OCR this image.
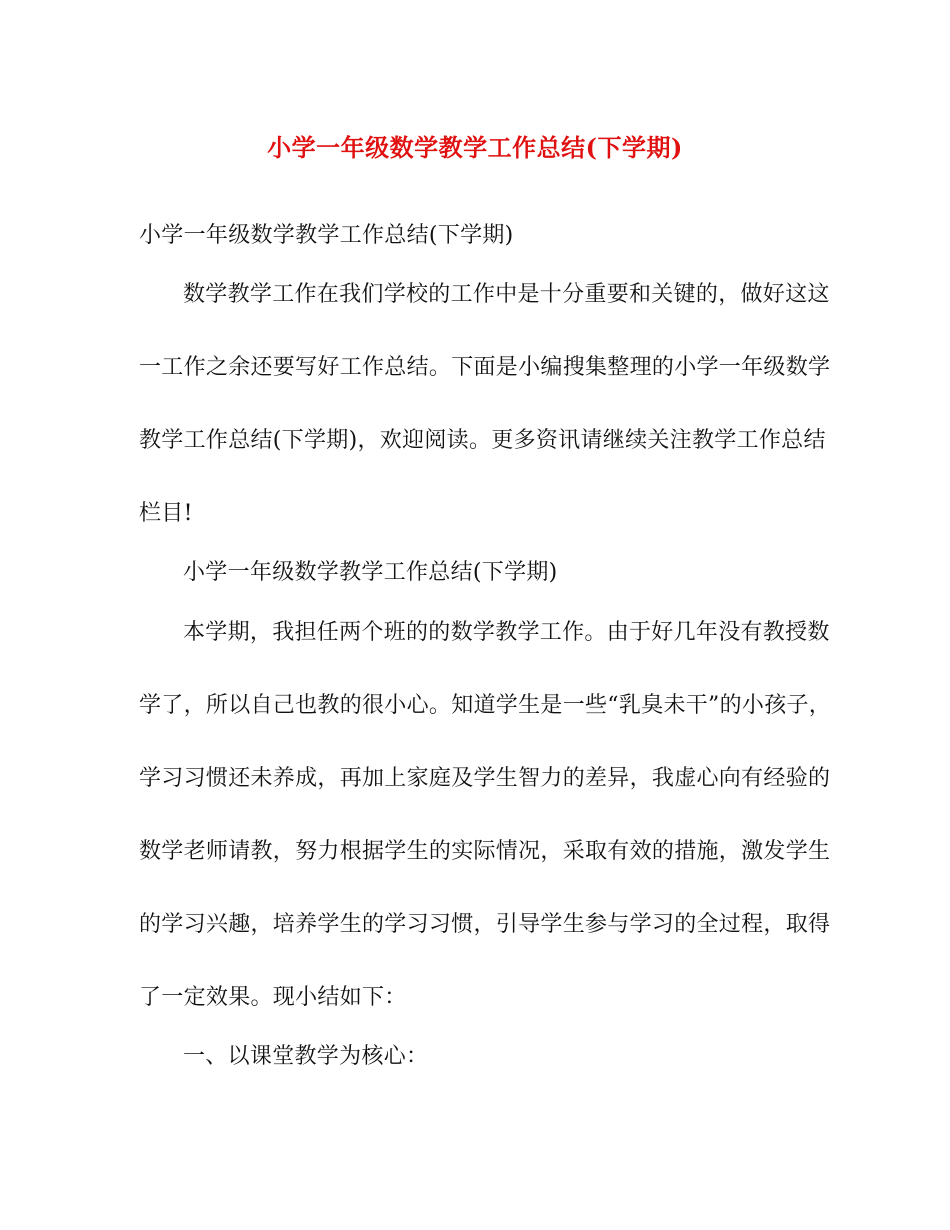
小学一年级数学教学工作总结(下学期)
小学一年级数学教学工作总结(下学期)
数学教学工作在我们学校的工作中是十分重要和关键的，做好这这
一工作之余还要写好工作总结。下面是小编搜集整理的小学一年级数学
教学工作总结(下学期)，欢迎阅读。更多资讯请继续关注教学工作总结
栏目!
小学一年级数学教学工作总结(下学期)
本学期，我担任两个班的的数学教学工作。由于好几年没有教授数
学了，所以自己也教的很小心。知道学生是一些“乳臭未干”的小孩子，
学习习惯还未养成，再加上家庭及学生智力的差异，我虚心向有经验的
数学老师请教，努力根据学生的实际情况，采取有效的措施，激发学生
的学习兴趣，培养学生的学习习惯，引导学生参与学习的全过程，取得
了一定效果。现小结如下：
一、以课堂教学为核心：
